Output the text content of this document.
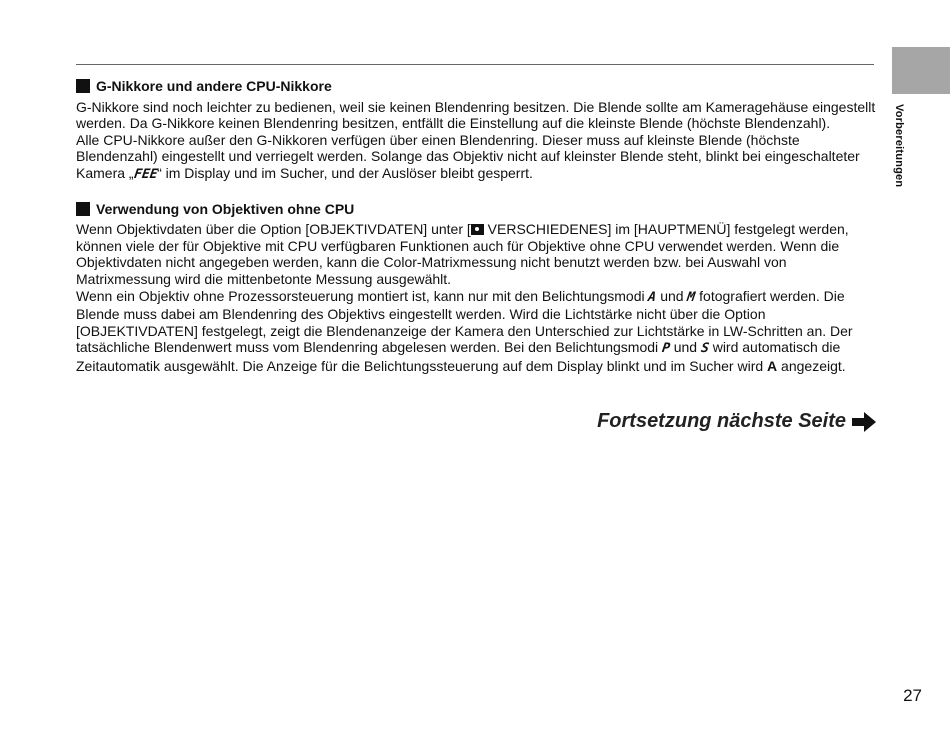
Vorbereitungen
G-Nikkore und andere CPU-Nikkore

G-Nikkore sind noch leichter zu bedienen, weil sie keinen Blendenring besitzen. Die Blende sollte am Kameragehäuse eingestellt werden. Da G-Nikkore keinen Blendenring besitzen, entfällt die Einstellung auf die kleinste Blende (höchste Blendenzahl).

Alle CPU-Nikkore außer den G-Nikkoren verfügen über einen Blendenring. Dieser muss auf kleinste Blende (höchste Blendenzahl) eingestellt und verriegelt werden. Solange das Objektiv nicht auf kleinster Blende steht, blinkt bei eingeschalteter Kamera „FEE“ im Display und im Sucher, und der Auslöser bleibt gesperrt.

Verwendung von Objektiven ohne CPU

Wenn Objektivdaten über die Option [OBJEKTIVDATEN] unter [ VERSCHIEDENES] im [HAUPTMENÜ] festgelegt werden, können viele der für Objektive mit CPU verfügbaren Funktionen auch für Objektive ohne CPU verwendet werden. Wenn die Objektivdaten nicht angegeben werden, kann die Color-Matrixmessung nicht benutzt werden bzw. bei Auswahl von Matrixmessung wird die mittenbetonte Messung ausgewählt.

Wenn ein Objektiv ohne Prozessorsteuerung montiert ist, kann nur mit den Belichtungsmodi A und M fotografiert werden. Die Blende muss dabei am Blendenring des Objektivs eingestellt werden. Wird die Lichtstärke nicht über die Option [OBJEKTIVDATEN] festgelegt, zeigt die Blendenanzeige der Kamera den Unterschied zur Lichtstärke in LW-Schritten an. Der tatsächliche Blendenwert muss vom Blendenring abgelesen werden. Bei den Belichtungsmodi P und S wird automatisch die Zeitautomatik ausgewählt. Die Anzeige für die Belichtungssteuerung auf dem Display blinkt und im Sucher wird A angezeigt.

Fortsetzung nächste Seite
27
